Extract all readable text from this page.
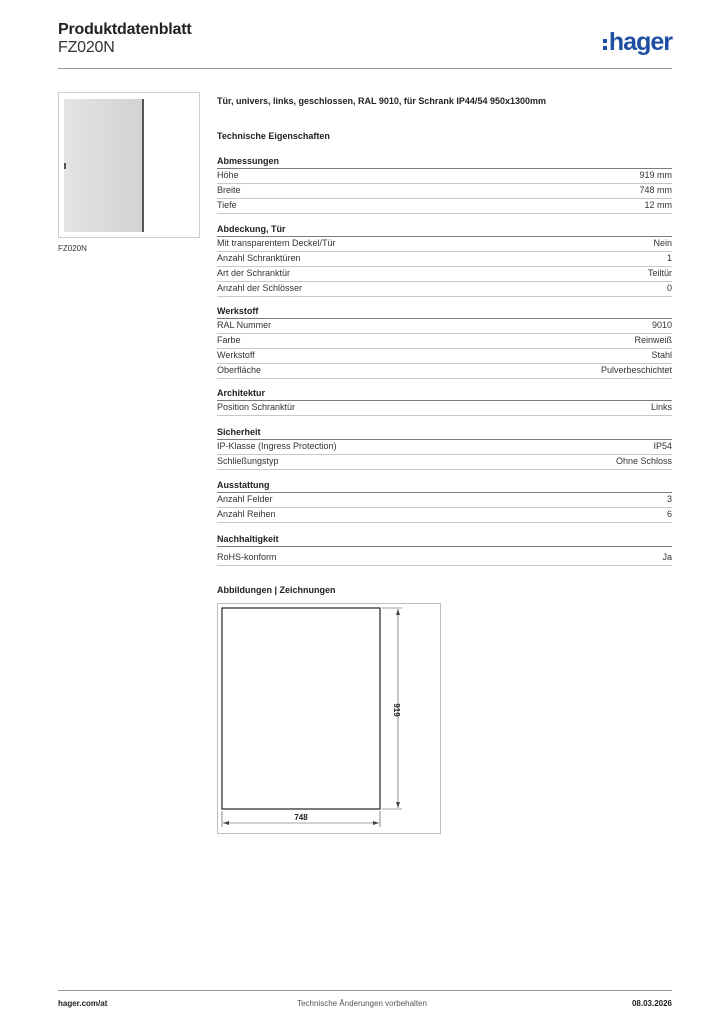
Produktdatenblatt
FZ020N	hager
FZ020N
Tür, univers, links, geschlossen, RAL 9010, für Schrank IP44/54 950x1300mm
Technische Eigenschaften
Abmessungen
Höhe	919 mm
Breite	748 mm
Tiefe	12 mm
Abdeckung, Tür
Mit transparentem Deckel/Tür	Nein
Anzahl Schranktüren	1
Art der Schranktür	Teiltür
Anzahl der Schlösser	0
Werkstoff
RAL Nummer	9010
Farbe	Reinweiß
Werkstoff	Stahl
Oberfläche	Pulverbeschichtet
Architektur
Position Schranktür	Links
Sicherheit
IP-Klasse (Ingress Protection)	IP54
Schließungstyp	Ohne Schloss
Ausstattung
Anzahl Felder	3
Anzahl Reihen	6
Nachhaltigkeit
RoHS-konform	Ja
Abbildungen | Zeichnungen
919
748
hager.com/at	Technische Änderungen vorbehalten	08.03.2026
